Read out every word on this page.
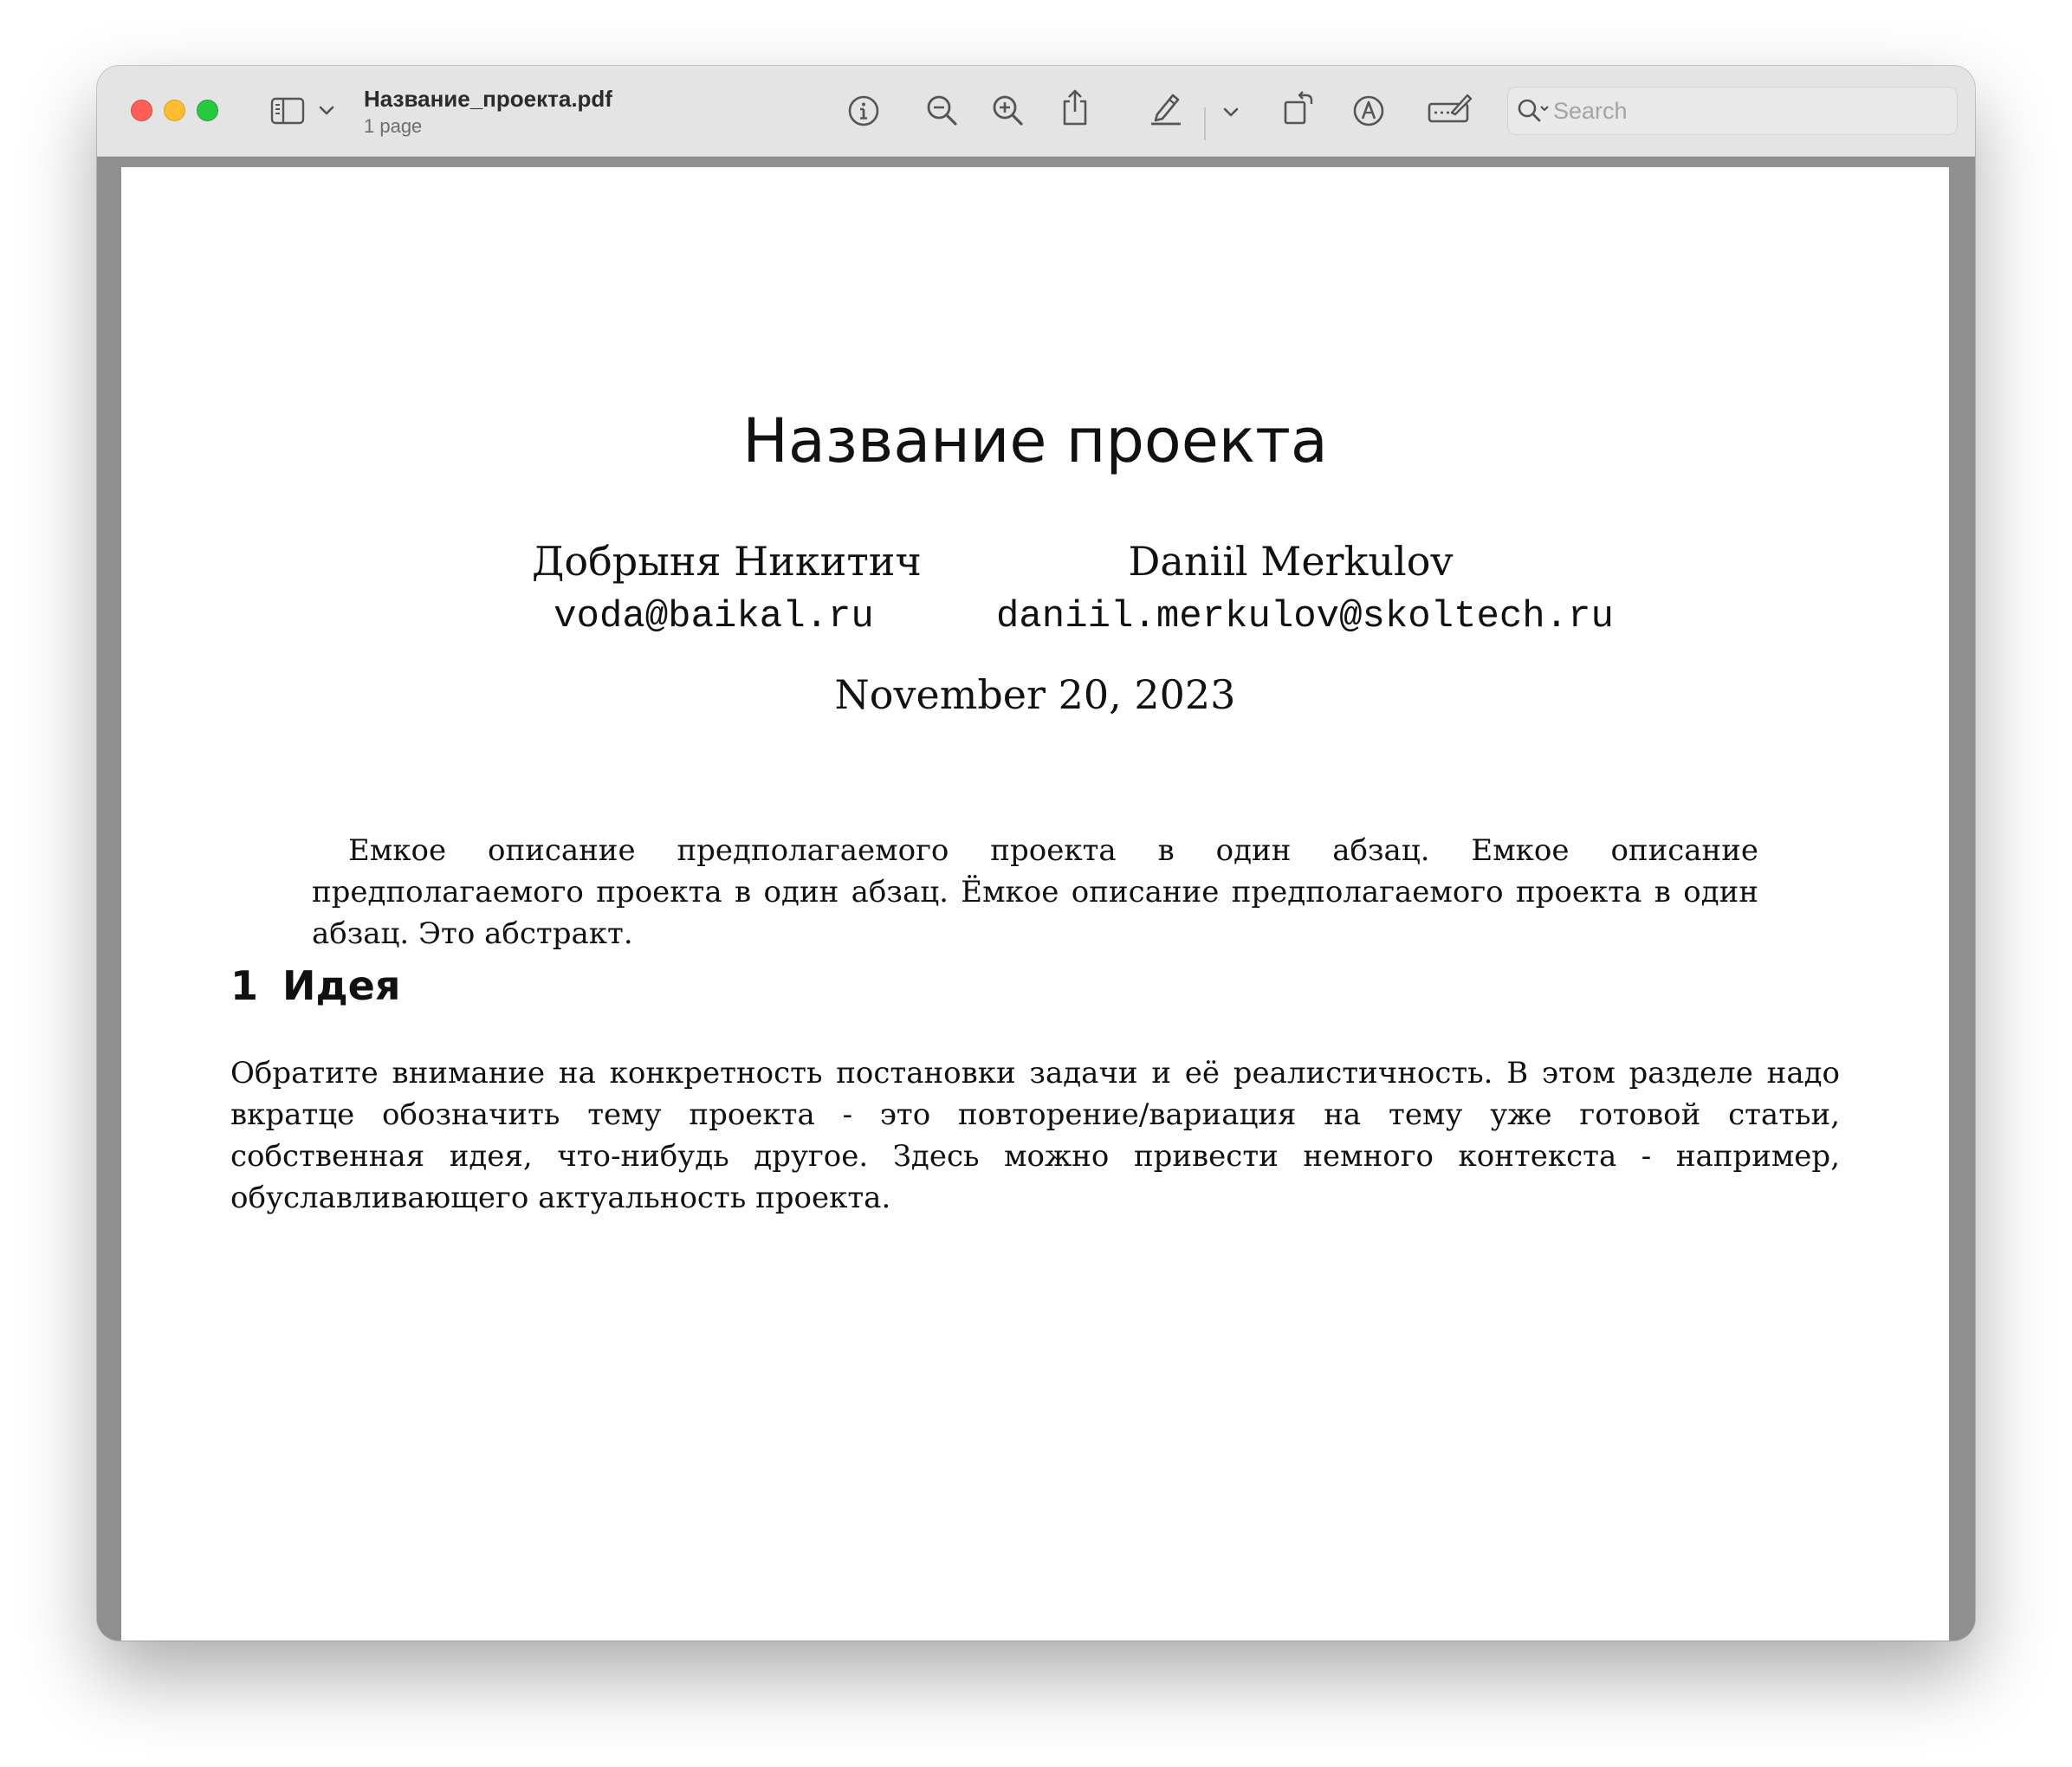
Название_проекта.pdf
1 page
Search
Название проекта
Добрыня Никитич
voda@baikal.ru
Daniil Merkulov
daniil.merkulov@skoltech.ru
November 20, 2023

Емкое описание предполагаемого проекта в один абзац. Емкое описание предполагаемого проекта в один абзац. Ёмкое описание предполагаемого проекта в один абзац. Это абстракт.

1 Идея

Обратите внимание на конкретность постановки задачи и её реалистичность. В этом разделе надо вкратце обозначить тему проекта - это повторение/вариация на тему уже готовой статьи, собственная идея, что-нибудь другое. Здесь можно привести немного контекста - например, обуславливающего актуальность проекта.
